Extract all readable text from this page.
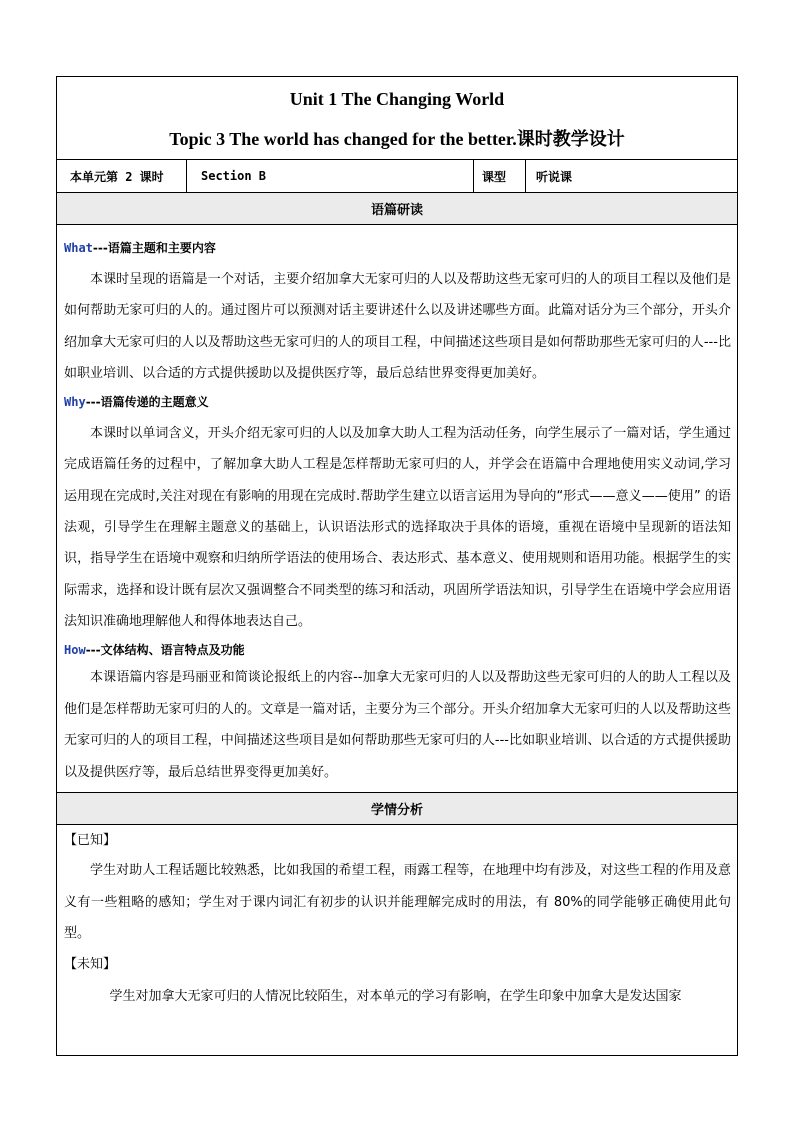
Unit 1 The Changing World
Topic 3 The world has changed for the better.课时教学设计
本单元第 2 课时	Section B	课型	听说课
语篇研读

What---语篇主题和主要内容

本课时呈现的语篇是一个对话，主要介绍加拿大无家可归的人以及帮助这些无家可归的人的项目工程以及他们是如何帮助无家可归的人的。通过图片可以预测对话主要讲述什么以及讲述哪些方面。此篇对话分为三个部分，开头介绍加拿大无家可归的人以及帮助这些无家可归的人的项目工程，中间描述这些项目是如何帮助那些无家可归的人---比如职业培训、以合适的方式提供援助以及提供医疗等，最后总结世界变得更加美好。

Why---语篇传递的主题意义

本课时以单词含义，开头介绍无家可归的人以及加拿大助人工程为活动任务，向学生展示了一篇对话，学生通过完成语篇任务的过程中，了解加拿大助人工程是怎样帮助无家可归的人，并学会在语篇中合理地使用实义动词,学习运用现在完成时,关注对现在有影响的用现在完成时.帮助学生建立以语言运用为导向的“形式——意义——使用” 的语法观，引导学生在理解主题意义的基础上，认识语法形式的选择取决于具体的语境，重视在语境中呈现新的语法知识，指导学生在语境中观察和归纳所学语法的使用场合、表达形式、基本意义、使用规则和语用功能。根据学生的实际需求，选择和设计既有层次又强调整合不同类型的练习和活动，巩固所学语法知识，引导学生在语境中学会应用语法知识准确地理解他人和得体地表达自己。

How---文体结构、语言特点及功能

本课语篇内容是玛丽亚和简谈论报纸上的内容--加拿大无家可归的人以及帮助这些无家可归的人的助人工程以及他们是怎样帮助无家可归的人的。文章是一篇对话，主要分为三个部分。开头介绍加拿大无家可归的人以及帮助这些无家可归的人的项目工程，中间描述这些项目是如何帮助那些无家可归的人---比如职业培训、以合适的方式提供援助以及提供医疗等，最后总结世界变得更加美好。

学情分析

【已知】

学生对助人工程话题比较熟悉，比如我国的希望工程，雨露工程等，在地理中均有涉及，对这些工程的作用及意义有一些粗略的感知；学生对于课内词汇有初步的认识并能理解完成时的用法，有 80%的同学能够正确使用此句型。

【未知】

学生对加拿大无家可归的人情况比较陌生，对本单元的学习有影响，在学生印象中加拿大是发达国家
